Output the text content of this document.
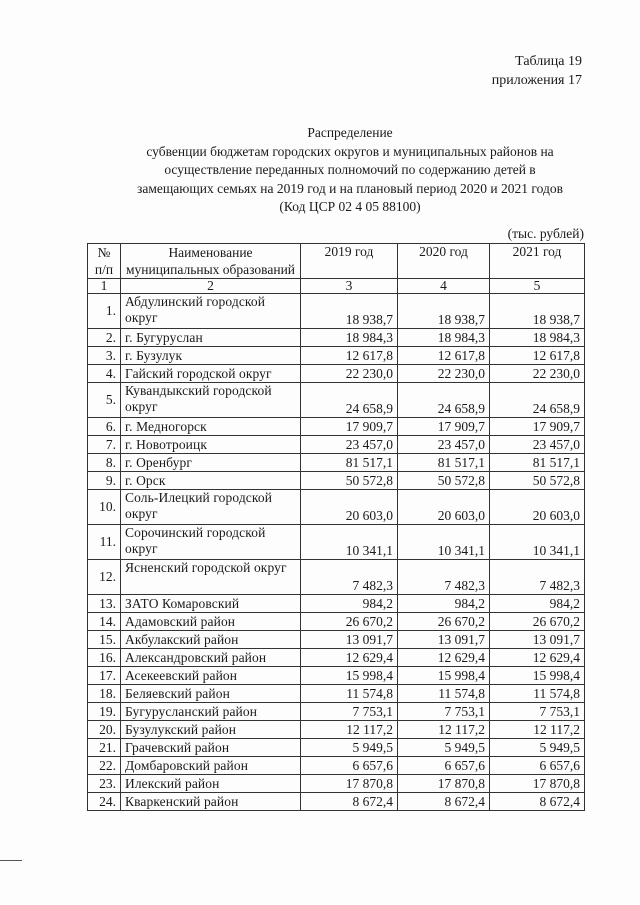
Таблица 19
приложения 17
Распределение
субвенции бюджетам городских округов и муниципальных районов на
осуществление переданных полномочий по содержанию детей в
замещающих семьях на 2019 год и на плановый период 2020 и 2021 годов
(Код ЦСР 02 4 05 88100)
(тыс. рублей)
№ п/п	Наименование муниципальных образований	2019 год	2020 год	2021 год
1	2	3	4	5
1.	Абдулинский городской округ	18 938,7	18 938,7	18 938,7
2.	г. Бугуруслан	18 984,3	18 984,3	18 984,3
3.	г. Бузулук	12 617,8	12 617,8	12 617,8
4.	Гайский городской округ	22 230,0	22 230,0	22 230,0
5.	Кувандыкский городской округ	24 658,9	24 658,9	24 658,9
6.	г. Медногорск	17 909,7	17 909,7	17 909,7
7.	г. Новотроицк	23 457,0	23 457,0	23 457,0
8.	г. Оренбург	81 517,1	81 517,1	81 517,1
9.	г. Орск	50 572,8	50 572,8	50 572,8
10.	Соль-Илецкий городской округ	20 603,0	20 603,0	20 603,0
11.	Сорочинский городской округ	10 341,1	10 341,1	10 341,1
12.	Ясненский городской округ	7 482,3	7 482,3	7 482,3
13.	ЗАТО Комаровский	984,2	984,2	984,2
14.	Адамовский район	26 670,2	26 670,2	26 670,2
15.	Акбулакский район	13 091,7	13 091,7	13 091,7
16.	Александровский район	12 629,4	12 629,4	12 629,4
17.	Асекеевский район	15 998,4	15 998,4	15 998,4
18.	Беляевский район	11 574,8	11 574,8	11 574,8
19.	Бугурусланский район	7 753,1	7 753,1	7 753,1
20.	Бузулукский район	12 117,2	12 117,2	12 117,2
21.	Грачевский район	5 949,5	5 949,5	5 949,5
22.	Домбаровский район	6 657,6	6 657,6	6 657,6
23.	Илекский район	17 870,8	17 870,8	17 870,8
24.	Кваркенский район	8 672,4	8 672,4	8 672,4
